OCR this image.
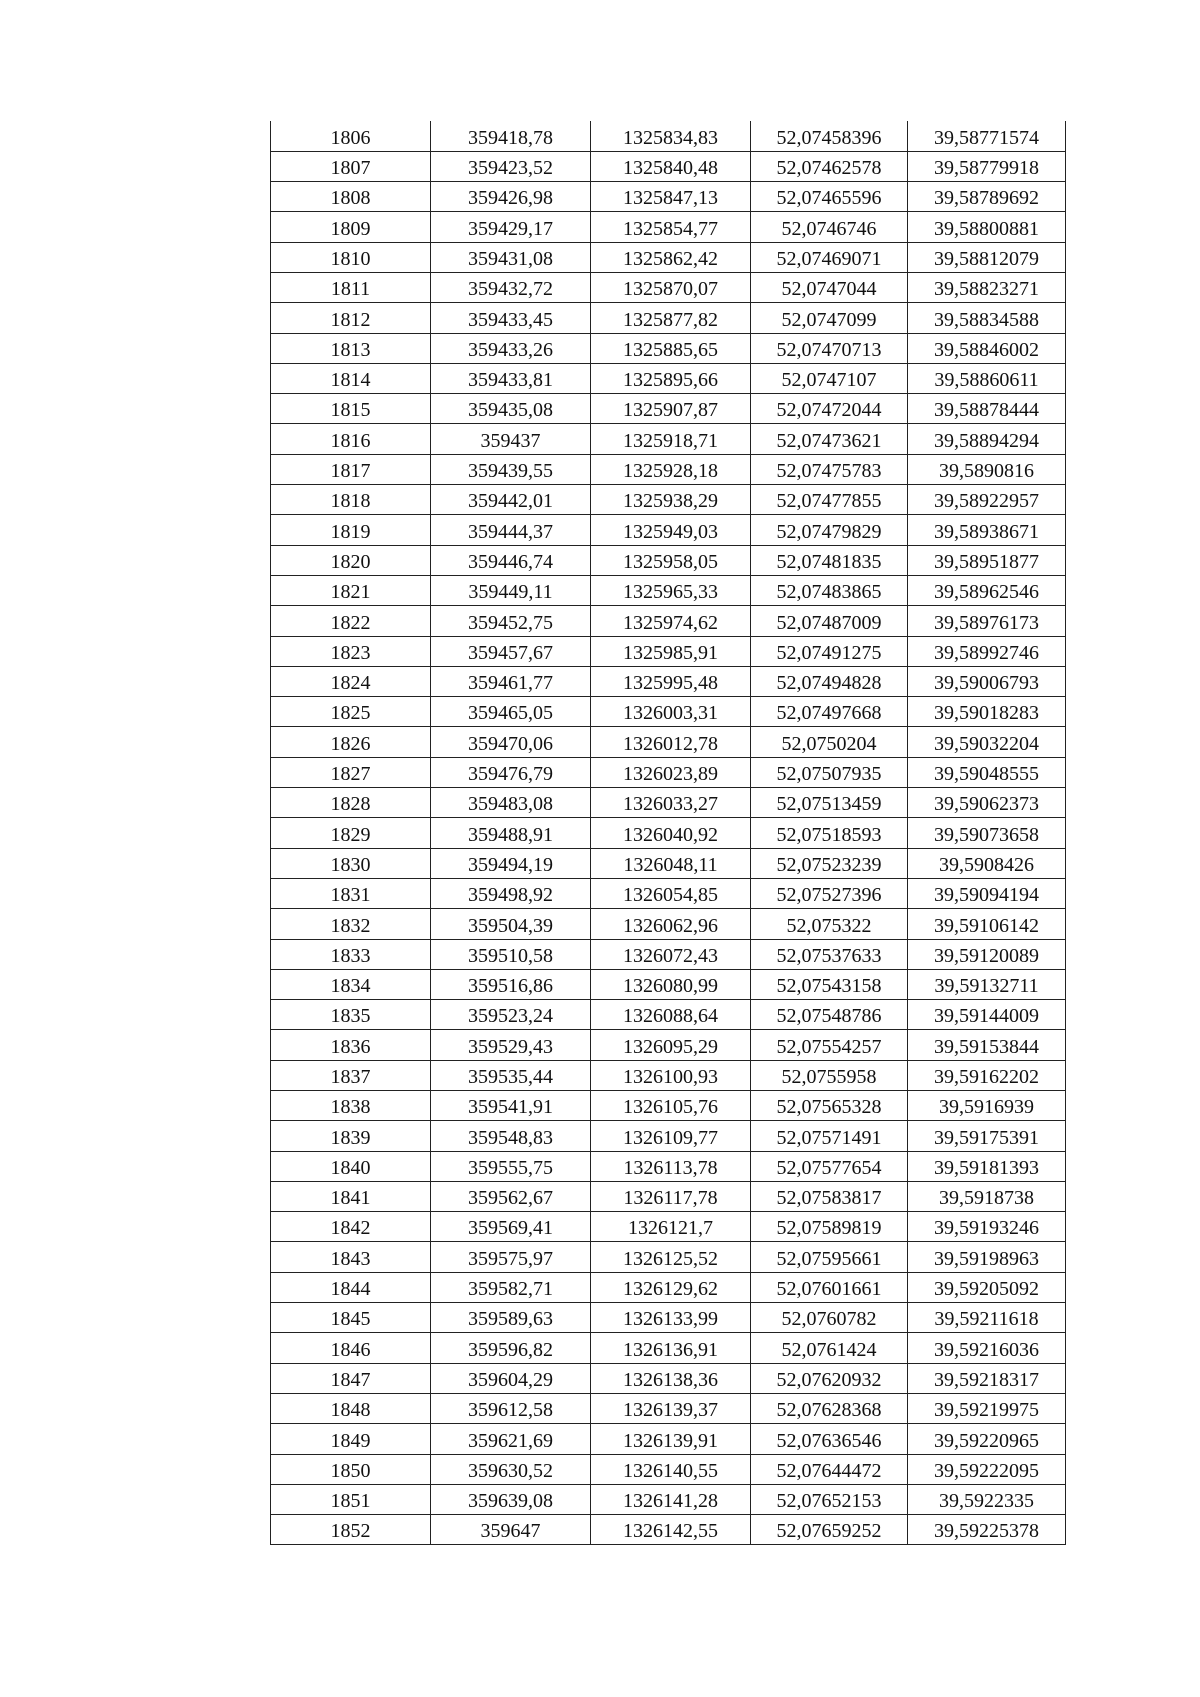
1806	359418,78	1325834,83	52,07458396	39,58771574
1807	359423,52	1325840,48	52,07462578	39,58779918
1808	359426,98	1325847,13	52,07465596	39,58789692
1809	359429,17	1325854,77	52,0746746	39,58800881
1810	359431,08	1325862,42	52,07469071	39,58812079
1811	359432,72	1325870,07	52,0747044	39,58823271
1812	359433,45	1325877,82	52,0747099	39,58834588
1813	359433,26	1325885,65	52,07470713	39,58846002
1814	359433,81	1325895,66	52,0747107	39,58860611
1815	359435,08	1325907,87	52,07472044	39,58878444
1816	359437	1325918,71	52,07473621	39,58894294
1817	359439,55	1325928,18	52,07475783	39,5890816
1818	359442,01	1325938,29	52,07477855	39,58922957
1819	359444,37	1325949,03	52,07479829	39,58938671
1820	359446,74	1325958,05	52,07481835	39,58951877
1821	359449,11	1325965,33	52,07483865	39,58962546
1822	359452,75	1325974,62	52,07487009	39,58976173
1823	359457,67	1325985,91	52,07491275	39,58992746
1824	359461,77	1325995,48	52,07494828	39,59006793
1825	359465,05	1326003,31	52,07497668	39,59018283
1826	359470,06	1326012,78	52,0750204	39,59032204
1827	359476,79	1326023,89	52,07507935	39,59048555
1828	359483,08	1326033,27	52,07513459	39,59062373
1829	359488,91	1326040,92	52,07518593	39,59073658
1830	359494,19	1326048,11	52,07523239	39,5908426
1831	359498,92	1326054,85	52,07527396	39,59094194
1832	359504,39	1326062,96	52,075322	39,59106142
1833	359510,58	1326072,43	52,07537633	39,59120089
1834	359516,86	1326080,99	52,07543158	39,59132711
1835	359523,24	1326088,64	52,07548786	39,59144009
1836	359529,43	1326095,29	52,07554257	39,59153844
1837	359535,44	1326100,93	52,0755958	39,59162202
1838	359541,91	1326105,76	52,07565328	39,5916939
1839	359548,83	1326109,77	52,07571491	39,59175391
1840	359555,75	1326113,78	52,07577654	39,59181393
1841	359562,67	1326117,78	52,07583817	39,5918738
1842	359569,41	1326121,7	52,07589819	39,59193246
1843	359575,97	1326125,52	52,07595661	39,59198963
1844	359582,71	1326129,62	52,07601661	39,59205092
1845	359589,63	1326133,99	52,0760782	39,59211618
1846	359596,82	1326136,91	52,0761424	39,59216036
1847	359604,29	1326138,36	52,07620932	39,59218317
1848	359612,58	1326139,37	52,07628368	39,59219975
1849	359621,69	1326139,91	52,07636546	39,59220965
1850	359630,52	1326140,55	52,07644472	39,59222095
1851	359639,08	1326141,28	52,07652153	39,5922335
1852	359647	1326142,55	52,07659252	39,59225378
